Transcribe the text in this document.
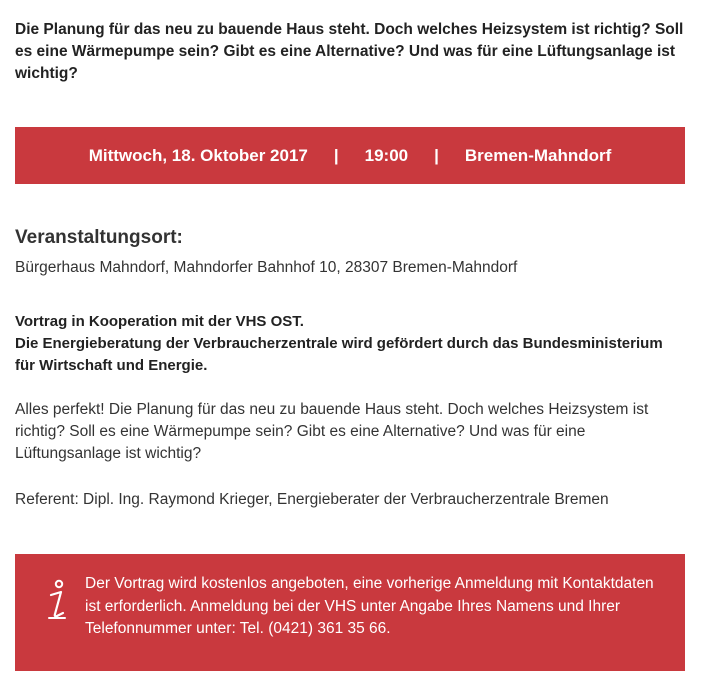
Die Planung für das neu zu bauende Haus steht. Doch welches Heizsystem ist richtig? Soll es eine Wärmepumpe sein? Gibt es eine Alternative? Und was für eine Lüftungsanlage ist wichtig?
Mittwoch, 18. Oktober 2017 | 19:00 | Bremen-Mahndorf
Veranstaltungsort:
Bürgerhaus Mahndorf, Mahndorfer Bahnhof 10, 28307 Bremen-Mahndorf
Vortrag in Kooperation mit der VHS OST.
Die Energieberatung der Verbraucherzentrale wird gefördert durch das Bundesministerium für Wirtschaft und Energie.
Alles perfekt! Die Planung für das neu zu bauende Haus steht. Doch welches Heizsystem ist richtig? Soll es eine Wärmepumpe sein? Gibt es eine Alternative? Und was für eine Lüftungsanlage ist wichtig?
Referent: Dipl. Ing. Raymond Krieger, Energieberater der Verbraucherzentrale Bremen
Der Vortrag wird kostenlos angeboten, eine vorherige Anmeldung mit Kontaktdaten ist erforderlich. Anmeldung bei der VHS unter Angabe Ihres Namens und Ihrer Telefonnummer unter: Tel. (0421) 361 35 66.
